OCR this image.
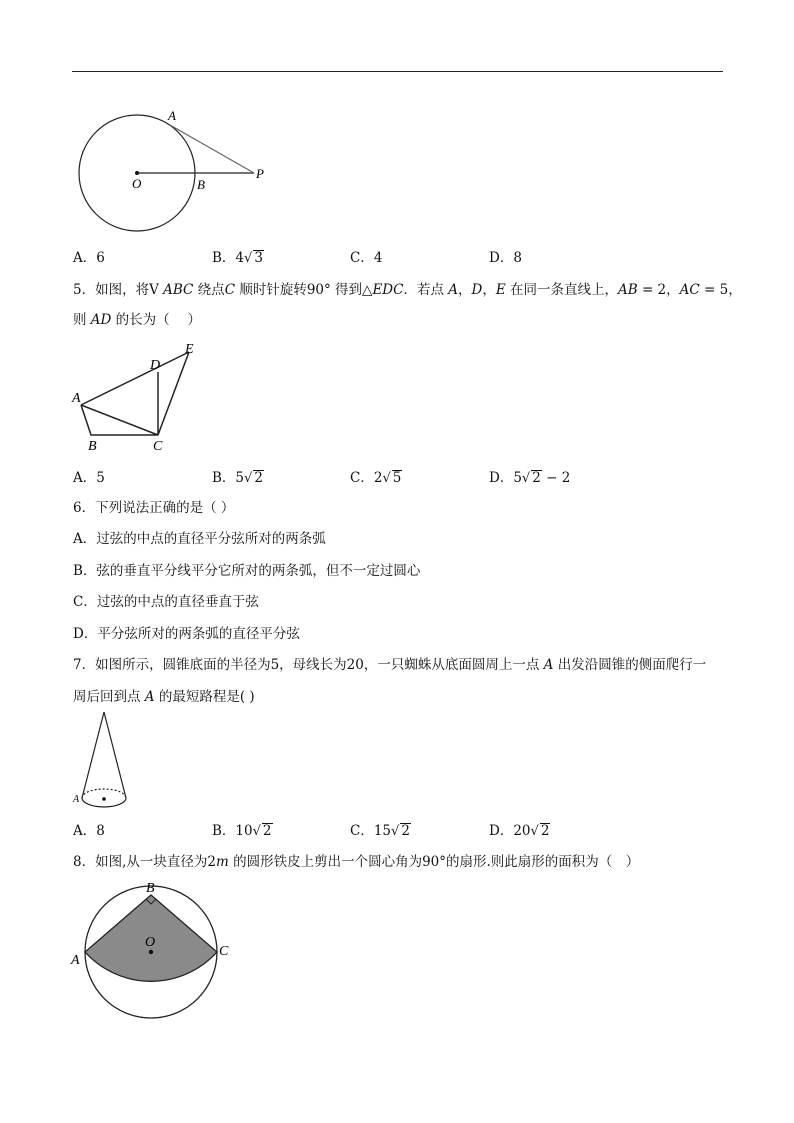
A
O	B
P
A．6	B．4√ 3	C．4	D．8
5．如图，将V ABC 绕点C 顺时针旋转90° 得到△EDC．若点 A，D，E 在同一条直线上，AB = 2，AC = 5，
则 AD 的长为（　 ）
D
E
A
B	C
A．5	B．5√ 2	C．2√ 5	D．5√ 2 − 2
6．下列说法正确的是（ ）
A．过弦的中点的直径平分弦所对的两条弧
B．弦的垂直平分线平分它所对的两条弧，但不一定过圆心
C．过弦的中点的直径垂直于弦
D．平分弦所对的两条弧的直径平分弦
7．如图所示，圆锥底面的半径为5，母线长为20，一只蜘蛛从底面圆周上一点 A 出发沿圆锥的侧面爬行一
周后回到点 A 的最短路程是( )
A
A．8	B．10√ 2	C．15√ 2	D．20√ 2
8．如图,从一块直径为2m 的圆形铁皮上剪出一个圆心角为90°的扇形.则此扇形的面积为（　）
B
O
A
C
